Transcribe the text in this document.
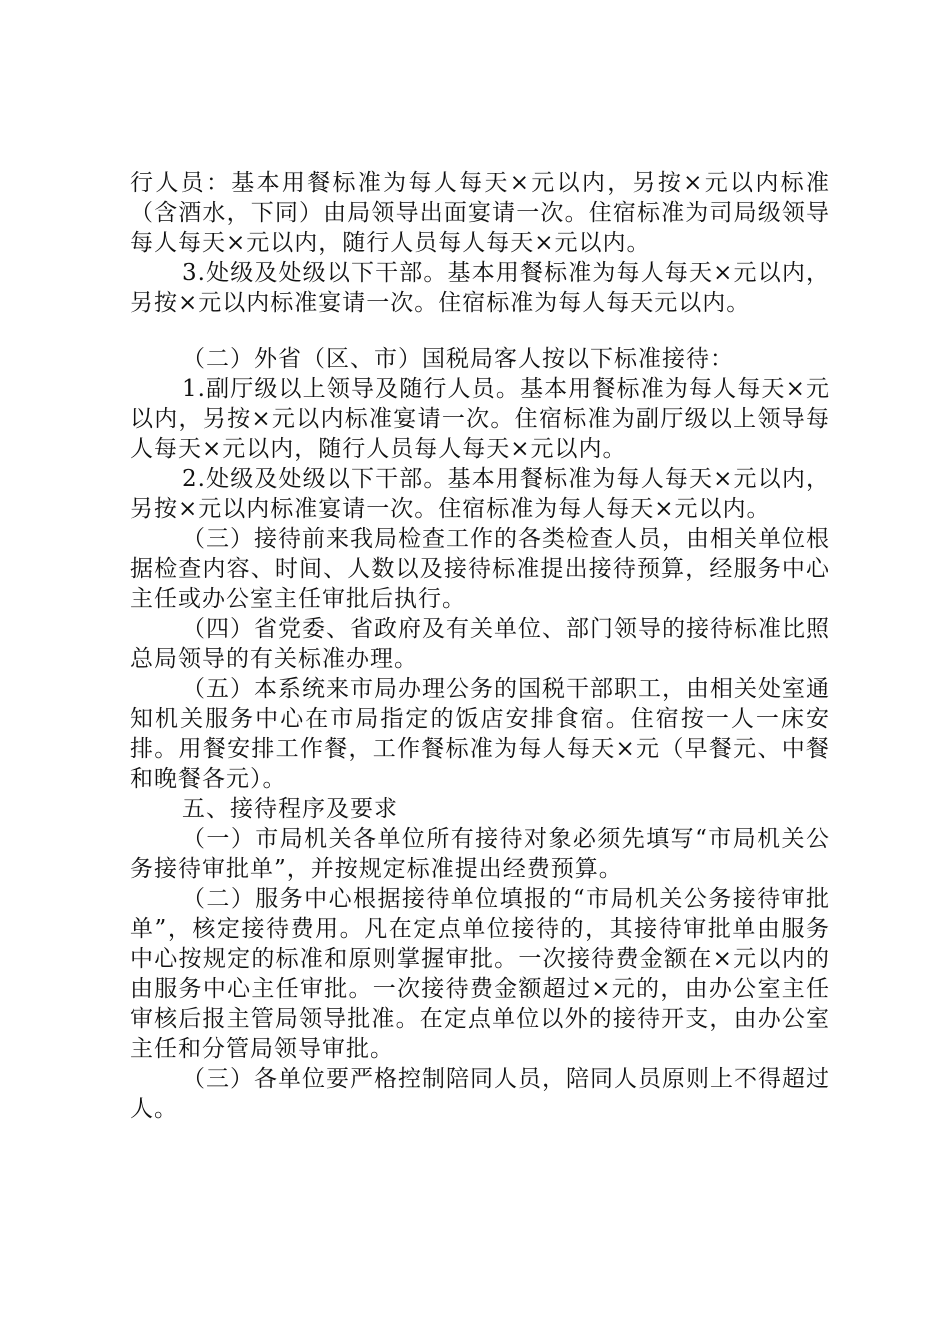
行人员：基本用餐标准为每人每天×元以内，另按×元以内标准（含酒水，下同）由局领导出面宴请一次。住宿标准为司局级领导每人每天×元以内，随行人员每人每天×元以内。

3.处级及处级以下干部。基本用餐标准为每人每天×元以内，另按×元以内标准宴请一次。住宿标准为每人每天元以内。

（二）外省（区、市）国税局客人按以下标准接待：

1.副厅级以上领导及随行人员。基本用餐标准为每人每天×元以内，另按×元以内标准宴请一次。住宿标准为副厅级以上领导每人每天×元以内，随行人员每人每天×元以内。

2.处级及处级以下干部。基本用餐标准为每人每天×元以内，另按×元以内标准宴请一次。住宿标准为每人每天×元以内。

（三）接待前来我局检查工作的各类检查人员，由相关单位根据检查内容、时间、人数以及接待标准提出接待预算，经服务中心主任或办公室主任审批后执行。

（四）省党委、省政府及有关单位、部门领导的接待标准比照总局领导的有关标准办理。

（五）本系统来市局办理公务的国税干部职工，由相关处室通知机关服务中心在市局指定的饭店安排食宿。住宿按一人一床安排。用餐安排工作餐，工作餐标准为每人每天×元（早餐元、中餐和晚餐各元）。

五、接待程序及要求

（一）市局机关各单位所有接待对象必须先填写“市局机关公务接待审批单”，并按规定标准提出经费预算。

（二）服务中心根据接待单位填报的“市局机关公务接待审批单”，核定接待费用。凡在定点单位接待的，其接待审批单由服务中心按规定的标准和原则掌握审批。一次接待费金额在×元以内的由服务中心主任审批。一次接待费金额超过×元的，由办公室主任审核后报主管局领导批准。在定点单位以外的接待开支，由办公室主任和分管局领导审批。

（三）各单位要严格控制陪同人员，陪同人员原则上不得超过人。
